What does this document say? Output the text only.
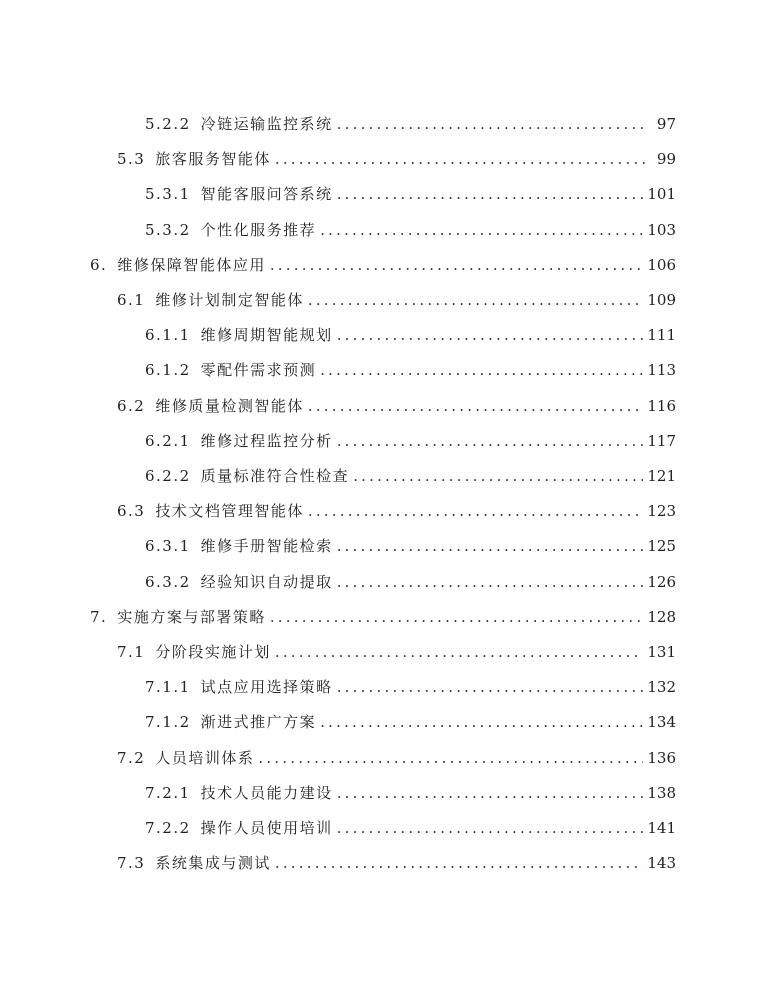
5.2.2 冷链运输监控系统 .....	97
5.3 旅客服务智能体 .....	99
5.3.1 智能客服问答系统 .....	101
5.3.2 个性化服务推荐 .....	103
6. 维修保障智能体应用 .....	106
6.1 维修计划制定智能体 .....	109
6.1.1 维修周期智能规划 .....	111
6.1.2 零配件需求预测 .....	113
6.2 维修质量检测智能体 .....	116
6.2.1 维修过程监控分析 .....	117
6.2.2 质量标准符合性检查 .....	121
6.3 技术文档管理智能体 .....	123
6.3.1 维修手册智能检索 .....	125
6.3.2 经验知识自动提取 .....	126
7. 实施方案与部署策略 .....	128
7.1 分阶段实施计划 .....	131
7.1.1 试点应用选择策略 .....	132
7.1.2 渐进式推广方案 .....	134
7.2 人员培训体系 .....	136
7.2.1 技术人员能力建设 .....	138
7.2.2 操作人员使用培训 .....	141
7.3 系统集成与测试 .....	143
